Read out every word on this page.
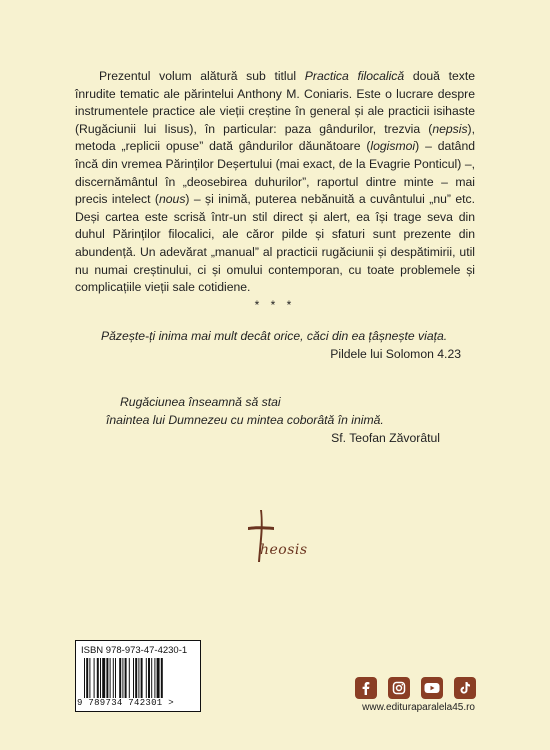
Prezentul volum alătură sub titlul Practica filocalică două texte înrudite tematic ale părintelui Anthony M. Coniaris. Este o lucrare despre instrumentele practice ale vieții creștine în general și ale practicii isihaste (Rugăciunii lui Iisus), în particular: paza gândurilor, trezvia (nepsis), metoda „replicii opuse” dată gândurilor dăunătoare (logismoi) – datând încă din vremea Părinților Deșertului (mai exact, de la Evagrie Ponticul) –, discernământul în „deosebirea duhurilor”, raportul dintre minte – mai precis intelect (nous) – și inimă, puterea nebănuită a cuvântului „nu” etc. Deși cartea este scrisă într-un stil direct și alert, ea își trage seva din duhul Părinților filocalici, ale căror pilde și sfaturi sunt prezente din abundență. Un adevărat „manual” al practicii rugăciunii și despătimirii, util nu numai creștinului, ci și omului contemporan, cu toate problemele și complicațiile vieții sale cotidiene.

* * *
Păzește-ți inima mai mult decât orice, căci din ea țâșnește viața.
Pildele lui Solomon 4.23
Rugăciunea înseamnă să stai
înaintea lui Dumnezeu cu mintea coborâtă în inimă.
Sf. Teofan Zăvorâtul
heosis
ISBN 978-973-47-4230-1
9 789734 742301 >	www.edituraparalela45.ro
